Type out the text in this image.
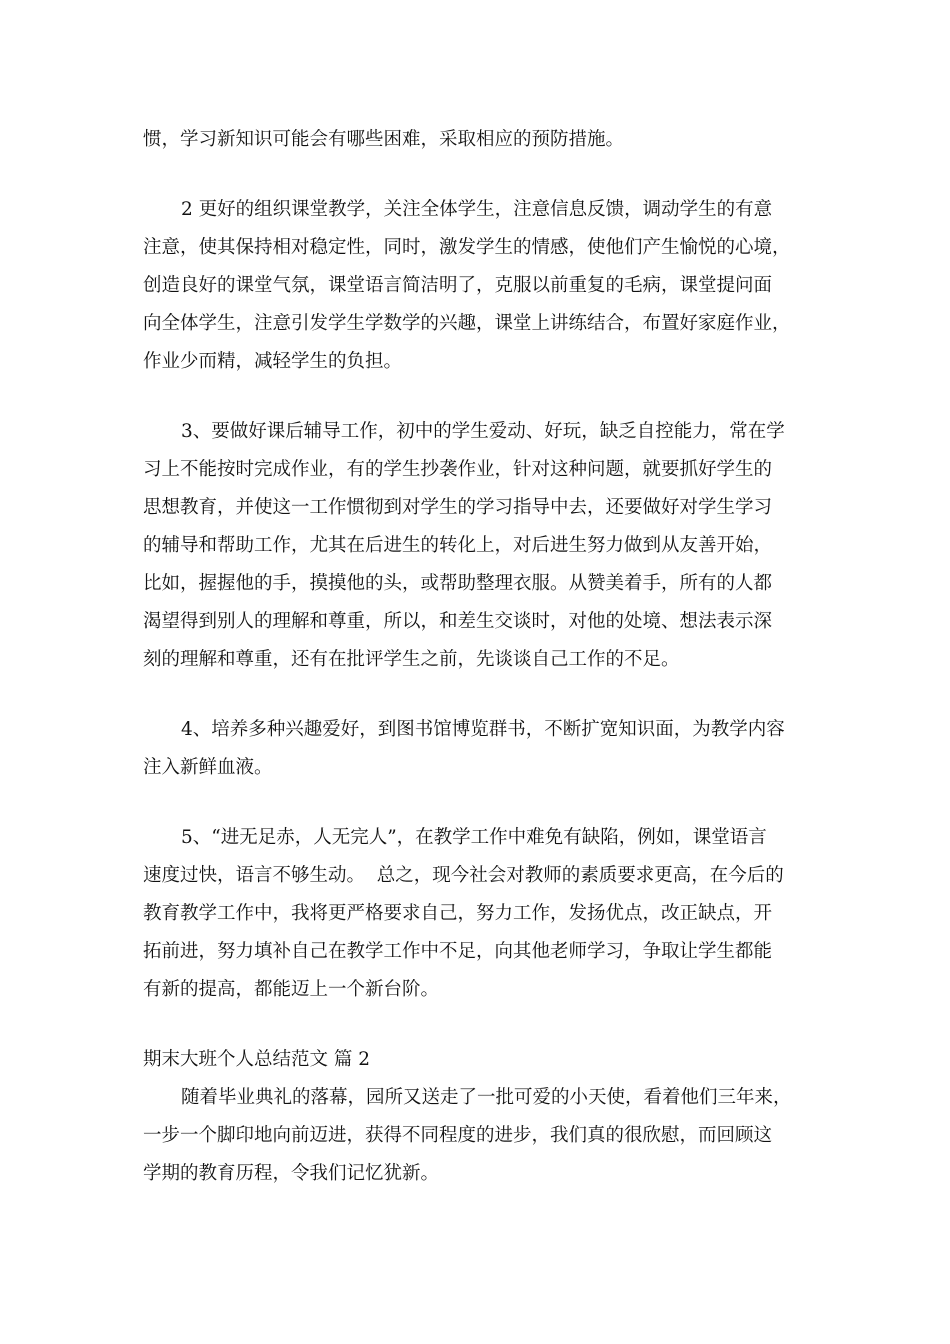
惯，学习新知识可能会有哪些困难，采取相应的预防措施。
2 更好的组织课堂教学，关注全体学生，注意信息反馈，调动学生的有意
注意，使其保持相对稳定性，同时，激发学生的情感，使他们产生愉悦的心境，
创造良好的课堂气氛，课堂语言简洁明了，克服以前重复的毛病，课堂提问面
向全体学生，注意引发学生学数学的兴趣，课堂上讲练结合，布置好家庭作业，
作业少而精，减轻学生的负担。
3、要做好课后辅导工作，初中的学生爱动、好玩，缺乏自控能力，常在学
习上不能按时完成作业，有的学生抄袭作业，针对这种问题，就要抓好学生的
思想教育，并使这一工作惯彻到对学生的学习指导中去，还要做好对学生学习
的辅导和帮助工作，尤其在后进生的转化上，对后进生努力做到从友善开始，
比如，握握他的手，摸摸他的头，或帮助整理衣服。从赞美着手，所有的人都
渴望得到别人的理解和尊重，所以，和差生交谈时，对他的处境、想法表示深
刻的理解和尊重，还有在批评学生之前，先谈谈自己工作的不足。
4、培养多种兴趣爱好，到图书馆博览群书，不断扩宽知识面，为教学内容
注入新鲜血液。
5、“进无足赤，人无完人”，在教学工作中难免有缺陷，例如，课堂语言
速度过快，语言不够生动。  总之，现今社会对教师的素质要求更高，在今后的
教育教学工作中，我将更严格要求自己，努力工作，发扬优点，改正缺点，开
拓前进，努力填补自己在教学工作中不足，向其他老师学习，争取让学生都能
有新的提高，都能迈上一个新台阶。
期末大班个人总结范文 篇 2
随着毕业典礼的落幕，园所又送走了一批可爱的小天使，看着他们三年来，
一步一个脚印地向前迈进，获得不同程度的进步，我们真的很欣慰，而回顾这
学期的教育历程，令我们记忆犹新。
